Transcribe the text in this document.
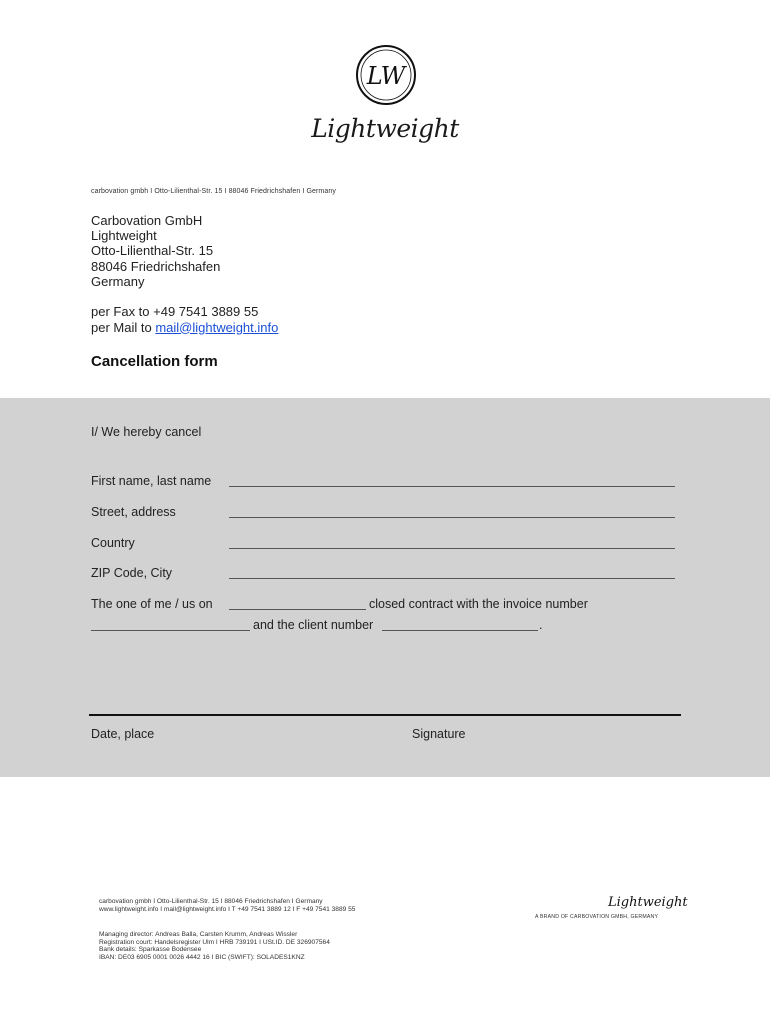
LW
Lightweight
carbovation gmbh I Otto-Lilienthal-Str. 15 I 88046 Friedrichshafen I Germany
Carbovation GmbH
Lightweight
Otto-Lilienthal-Str. 15
88046 Friedrichshafen
Germany
per Fax to +49 7541 3889 55
per Mail to mail@lightweight.info
Cancellation form
I/ We hereby cancel
First name, last name
Street, address
Country
ZIP Code, City
The one of me / us on	closed contract with the invoice number
and the client number	.
Date, place	Signature
carbovation gmbh I Otto-Lilienthal-Str. 15 I 88046 Friedrichshafen I Germany
www.lightweight.info I mail@lightweight.info I T +49 7541 3889 12 I F +49 7541 3889 55
Managing director: Andreas Balla, Carsten Krumm, Andreas Wissler
Registration court: Handelsregister Ulm I HRB 739191 I USt.ID. DE 326907564
Bank details: Sparkasse Bodensee
IBAN: DE03 6905 0001 0026 4442 16 I BIC (SWIFT): SOLADES1KNZ
Lightweight
A BRAND OF CARBOVATION GMBH, GERMANY
